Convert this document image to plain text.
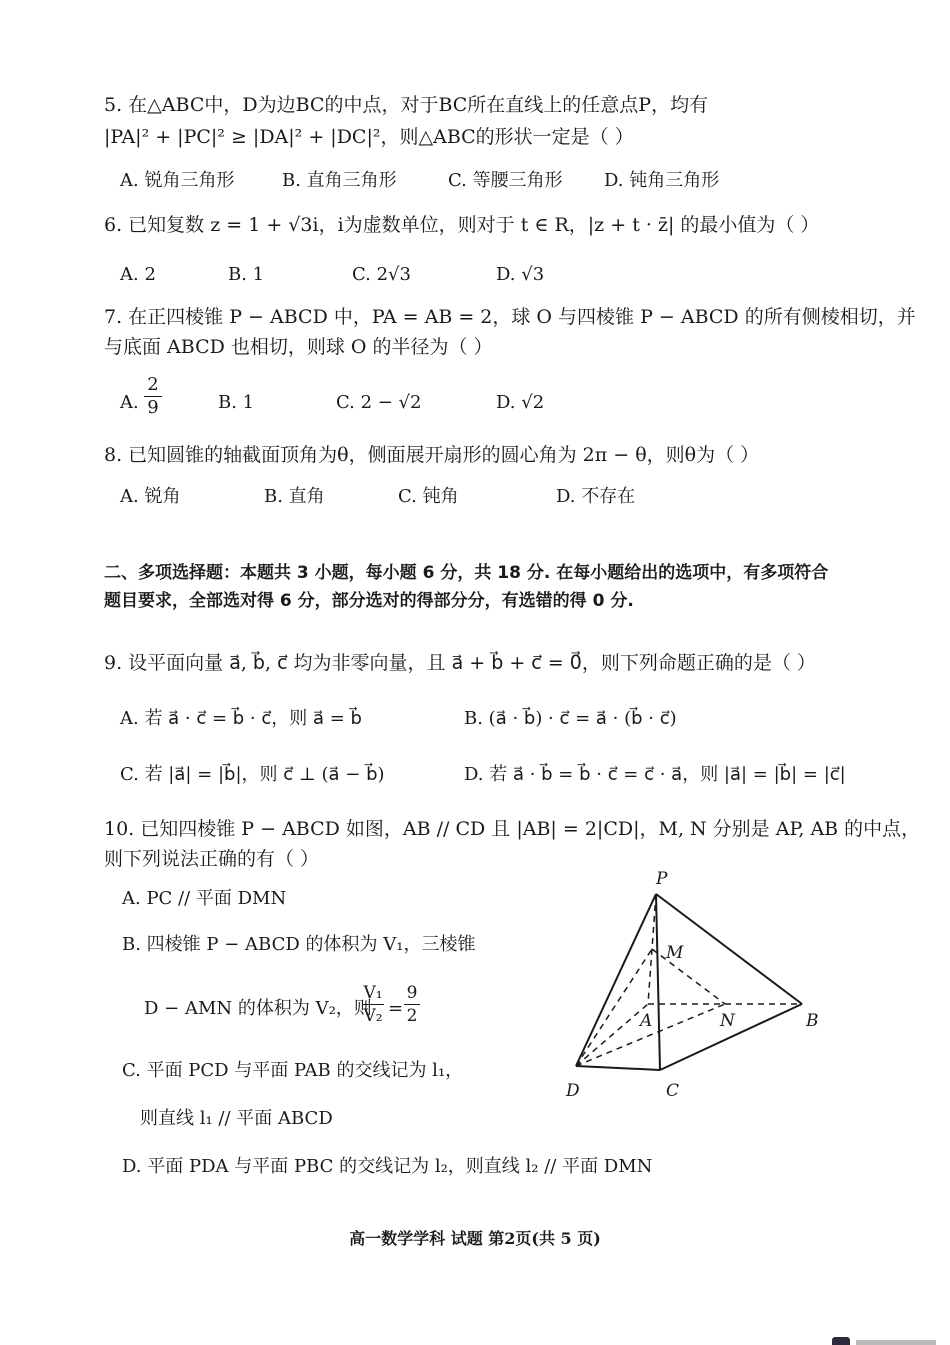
5. 在△ABC中，D为边BC的中点，对于BC所在直线上的任意点P，均有
|PA|² + |PC|² ≥ |DA|² + |DC|²，则△ABC的形状一定是（ ）
A. 锐角三角形	B. 直角三角形	C. 等腰三角形 D. 钝角三角形
6. 已知复数 z = 1 + √3i，i为虚数单位，则对于 t ∈ R，|z + t · z̄| 的最小值为（ ）
A. 2	B. 1	C. 2√3	D. √3
7. 在正四棱锥 P − ABCD 中，PA = AB = 2，球 O 与四棱锥 P − ABCD 的所有侧棱相切，并
与底面 ABCD 也相切，则球 O 的半径为（ ）
A. $\frac{2}{9}$	B. 1	C. 2 − √2	D. √2
8. 已知圆锥的轴截面顶角为θ，侧面展开扇形的圆心角为 2π − θ，则θ为（ ）
A. 锐角	B. 直角	C. 钝角	D. 不存在
二、多项选择题：本题共 3 小题，每小题 6 分，共 18 分. 在每小题给出的选项中，有多项符合
题目要求，全部选对得 6 分，部分选对的得部分分，有选错的得 0 分.
9. 设平面向量 a⃗, b⃗, c⃗ 均为非零向量，且 a⃗ + b⃗ + c⃗ = 0⃗，则下列命题正确的是（ ）
A. 若 a⃗ · c⃗ = b⃗ · c⃗，则 a⃗ = b⃗	B. (a⃗ · b⃗) · c⃗ = a⃗ · (b⃗ · c⃗)
C. 若 |a⃗| = |b⃗|，则 c⃗ ⊥ (a⃗ − b⃗)	D. 若 a⃗ · b⃗ = b⃗ · c⃗ = c⃗ · a⃗，则 |a⃗| = |b⃗| = |c⃗|
10. 已知四棱锥 P − ABCD 如图，AB // CD 且 |AB| = 2|CD|，M, N 分别是 AP, AB 的中点，
则下列说法正确的有（ ）
A. PC // 平面 DMN
B. 四棱锥 P − ABCD 的体积为 V₁，三棱锥
D − AMN 的体积为 V₂，则
V₁
V₂ =
9
2
C. 平面 PCD 与平面 PAB 的交线记为 l₁，
则直线 l₁ // 平面 ABCD
D. 平面 PDA 与平面 PBC 的交线记为 l₂，则直线 l₂ // 平面 DMN
P
M
A	N	B
D	C
高一数学学科 试题 第2页(共 5 页)
